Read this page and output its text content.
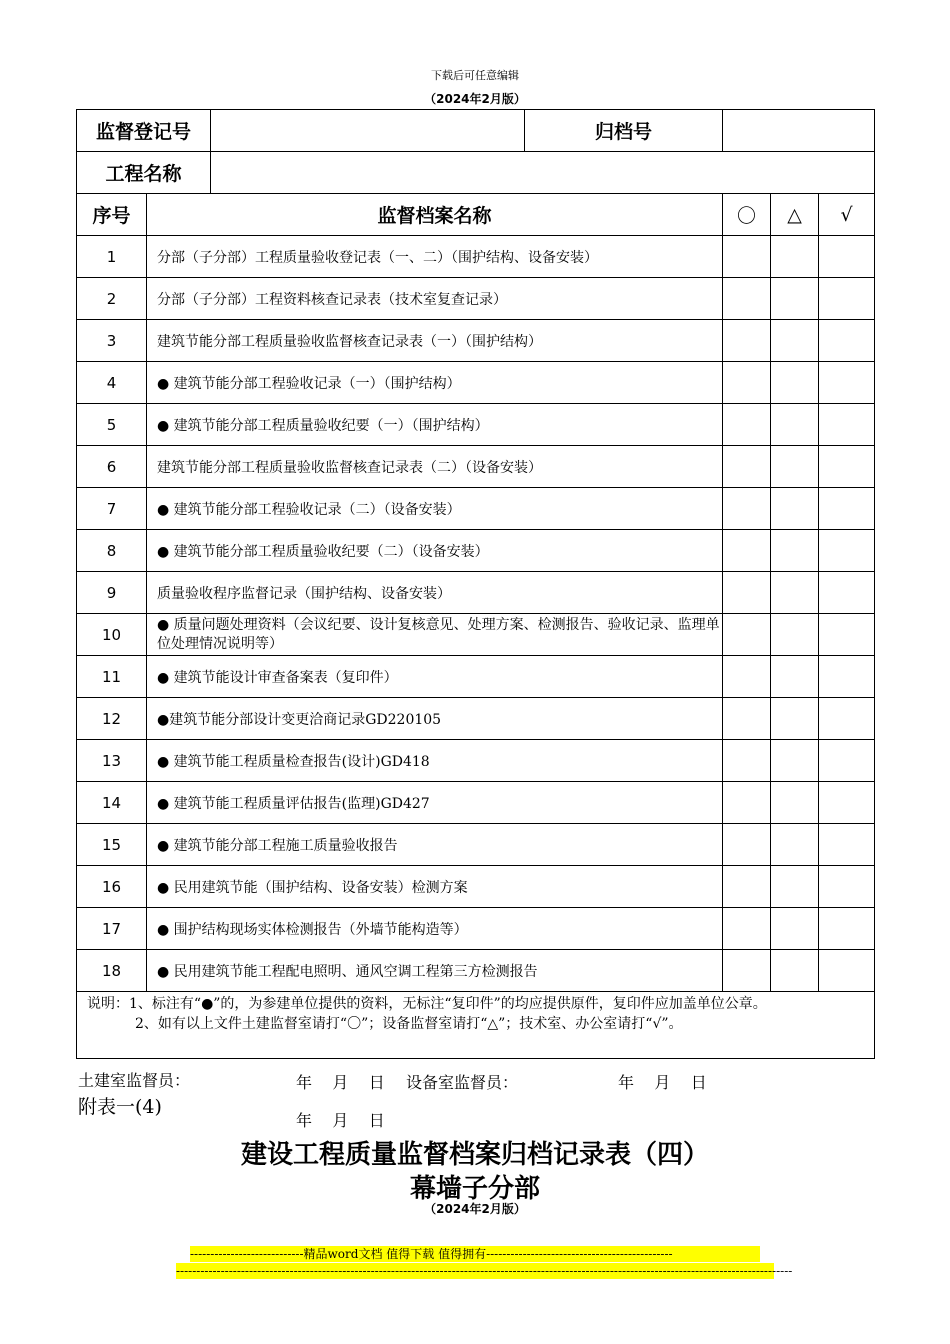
下载后可任意编辑
（2024年2月版）
监督登记号			归档号			
工程名称						
序号	监督档案名称			〇	△	√
1	分部（子分部）工程质量验收登记表（一、二）（围护结构、设备安装）					
2	分部（子分部）工程资料核查记录表（技术室复查记录）					
3	建筑节能分部工程质量验收监督核查记录表（一）（围护结构）					
4	● 建筑节能分部工程验收记录（一）（围护结构）					
5	● 建筑节能分部工程质量验收纪要（一）（围护结构）					
6	建筑节能分部工程质量验收监督核查记录表（二）（设备安装）					
7	● 建筑节能分部工程验收记录（二）（设备安装）					
8	● 建筑节能分部工程质量验收纪要（二）（设备安装）					
9	质量验收程序监督记录（围护结构、设备安装）					
10	● 质量问题处理资料（会议纪要、设计复核意见、处理方案、检测报告、验收记录、监理单位处理情况说明等）					
11	● 建筑节能设计审查备案表（复印件）					
12	●建筑节能分部设计变更洽商记录GD220105					
13	● 建筑节能工程质量检查报告(设计)GD418					
14	● 建筑节能工程质量评估报告(监理)GD427					
15	● 建筑节能分部工程施工质量验收报告					
16	● 民用建筑节能（围护结构、设备安装）检测方案					
17	● 围护结构现场实体检测报告（外墙节能构造等）					
18	● 民用建筑节能工程配电照明、通风空调工程第三方检测报告					

说明：1、标注有“●”的，为参建单位提供的资料，无标注“复印件”的均应提供原件，复印件应加盖单位公章。
2、如有以上文件土建监督室请打“〇”；设备监督室请打“△”；技术室、办公室请打“√”。						
土建室监督员：	年    月    日 设备室监督员：	年    月    日
附表一(4)
年    月    日
建设工程质量监督档案归档记录表（四）
幕墙子分部
（2024年2月版）
----------------------------精品word文档 值得下载 值得拥有----------------------------------------------
--------------------------------------------------------------------------------------------------------------------------------------------------------
